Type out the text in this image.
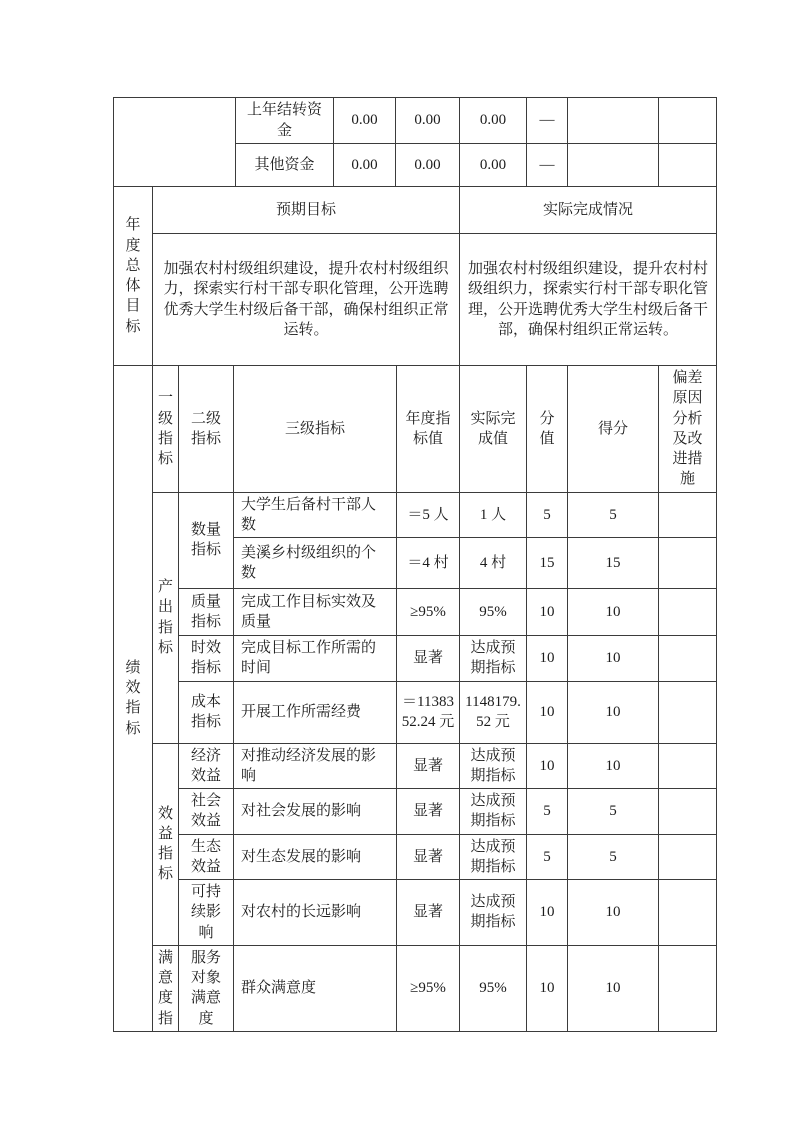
	上年结转资金	0.00	0.00	0.00	—		
	其他资金	0.00	0.00	0.00	—		
年度总体目标	预期目标	实际完成情况
	加强农村村级组织建设，提升农村村级组织力，探索实行村干部专职化管理，公开选聘优秀大学生村级后备干部，确保村组织正常运转。	加强农村村级组织建设，提升农村村级组织力，探索实行村干部专职化管理，公开选聘优秀大学生村级后备干部，确保村组织正常运转。
绩效指标	一级指标	二级指标	三级指标	年度指标值	实际完成值	分值	得分	偏差原因分析及改进措施
	产出指标	数量指标	大学生后备村干部人数	＝5 人	1 人	5	5	
			美溪乡村级组织的个数	＝4 村	4 村	15	15	
		质量指标	完成工作目标实效及质量	≥95%	95%	10	10	
		时效指标	完成目标工作所需的时间	显著	达成预期指标	10	10	
		成本指标	开展工作所需经费	＝1138352.24 元	1148179.52 元	10	10	
	效益指标	经济效益	对推动经济发展的影响	显著	达成预期指标	10	10	
		社会效益	对社会发展的影响	显著	达成预期指标	5	5	
		生态效益	对生态发展的影响	显著	达成预期指标	5	5	
		可持续影响	对农村的长远影响	显著	达成预期指标	10	10	
	满意度指	服务对象满意度	群众满意度	≥95%	95%	10	10	
